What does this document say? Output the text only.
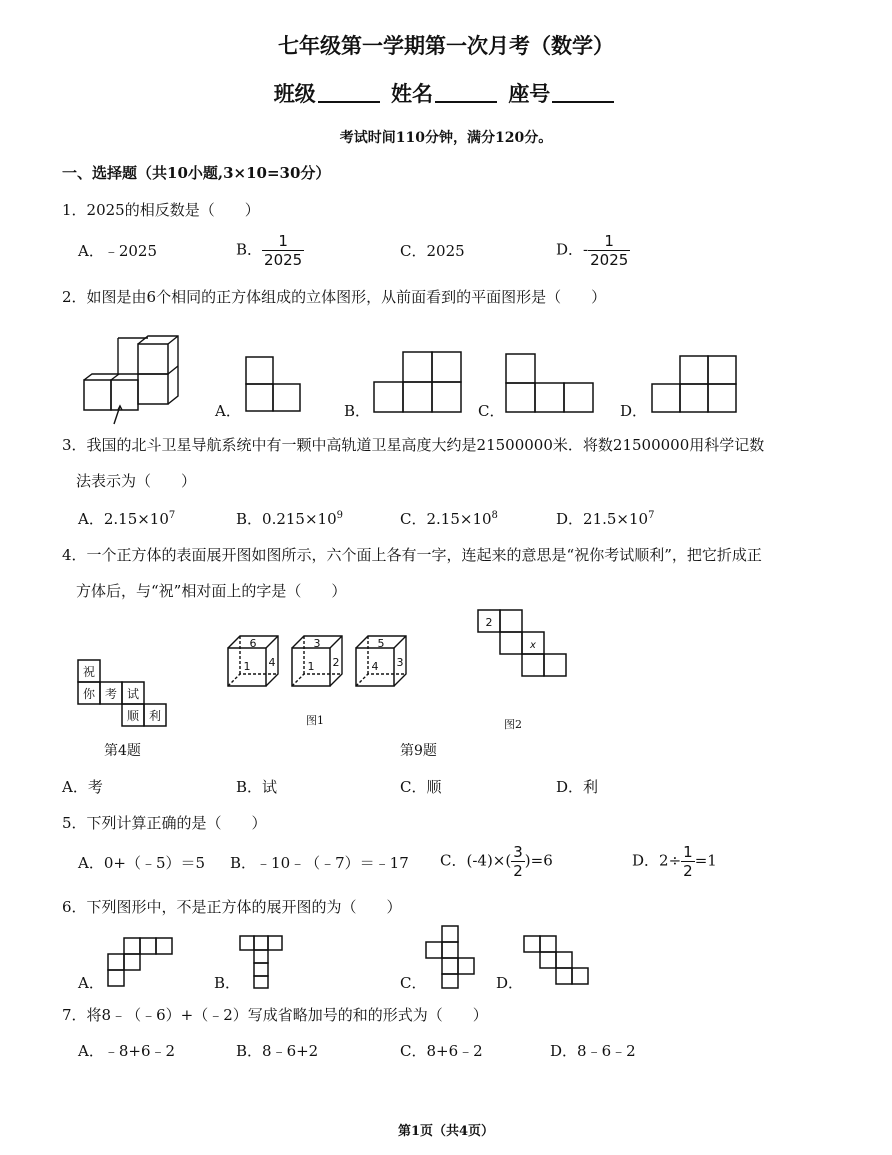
七年级第一学期第一次月考（数学）
班级	姓名	座号
考试时间110分钟，满分120分。
一、选择题（共10小题,3×10=30分）
1．2025的相反数是（　　）
A．﹣2025	B． $\frac{1}{2025}$	C．2025	D．- $\frac{1}{2025}$
2．如图是由6个相同的正方体组成的立体图形，从前面看到的平面图形是（　　）
A．	B．	C．	D．
3．我国的北斗卫星导航系统中有一颗中高轨道卫星高度大约是21500000米．将数21500000用科学记数
法表示为（　　）
A．$2.15\times 10^7$	B．$0.215\times 10^9$	C．$2.15\times 10^8$	D．$21.5\times 10^7$
4．一个正方体的表面展开图如图所示，六个面上各有一字，连起来的意思是“祝你考试顺利”，把它折成正
方体后，与“祝”相对面上的字是（　　）
祝
你 考 试
顺 利
第4题
6
1 4
3
1 2
5
4 3
图1
2
x
图2
第9题
A．考	B．试	C．顺	D．利
5．下列计算正确的是（　　）
A．0+（﹣5）＝5 B．﹣10﹣（﹣7）＝﹣17 C．$(-4)\times( \frac{3}{2} )=6$	D．$2\div \frac{1}{2} =1$
6．下列图形中，不是正方体的展开图的为（　　）
A．	B．	C．	D．
7．将8﹣（﹣6）+（﹣2）写成省略加号的和的形式为（　　）
A．﹣8+6﹣2	B．8﹣6+2	C．8+6﹣2	D．8﹣6﹣2
第1页（共4页）
